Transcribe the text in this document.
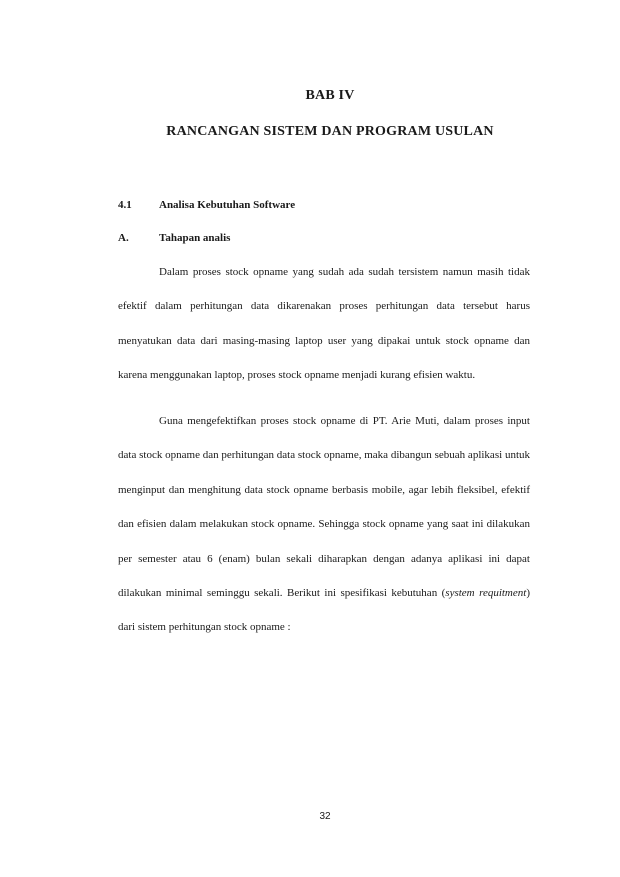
BAB IV
RANCANGAN SISTEM DAN PROGRAM USULAN
4.1 Analisa Kebutuhan Software
A.	Tahapan analis

Dalam proses stock opname yang sudah ada sudah tersistem namun masih tidak efektif dalam perhitungan data dikarenakan proses perhitungan data tersebut harus menyatukan data dari masing-masing laptop user yang dipakai untuk stock opname dan karena menggunakan laptop, proses stock opname menjadi kurang efisien waktu.

Guna mengefektifkan proses stock opname di PT. Arie Muti, dalam proses input data stock opname dan perhitungan data stock opname, maka dibangun sebuah aplikasi untuk menginput dan menghitung data stock opname berbasis mobile, agar lebih fleksibel, efektif dan efisien dalam melakukan stock opname. Sehingga stock opname yang saat ini dilakukan per semester atau 6 (enam) bulan sekali diharapkan dengan adanya aplikasi ini dapat dilakukan minimal seminggu sekali. Berikut ini spesifikasi kebutuhan (system requitment) dari sistem perhitungan stock opname :

32
